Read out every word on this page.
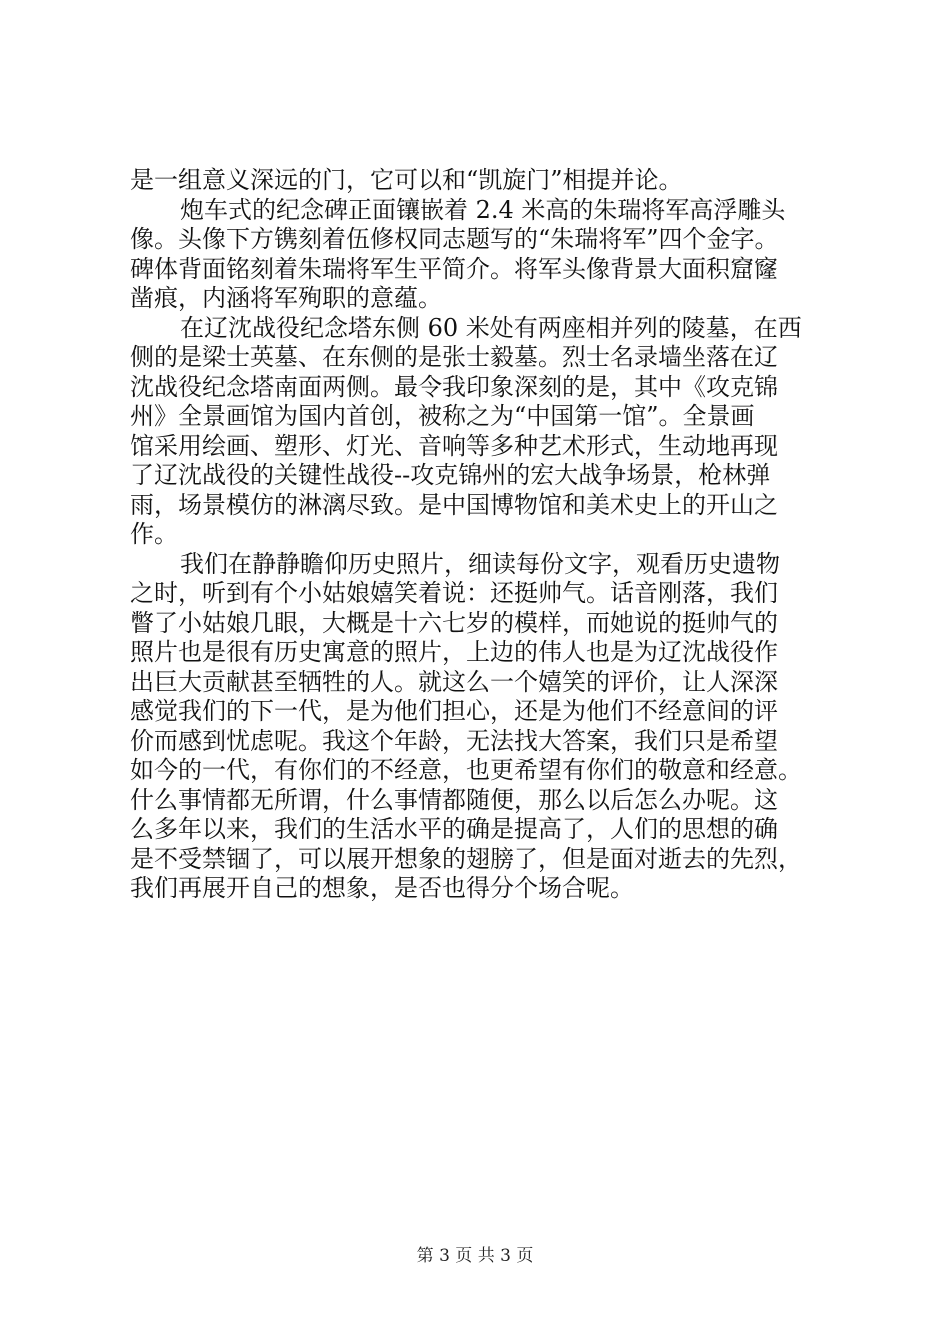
是一组意义深远的门，它可以和“凯旋门”相提并论。
炮车式的纪念碑正面镶嵌着 2.4 米高的朱瑞将军高浮雕头
像。头像下方镌刻着伍修权同志题写的“朱瑞将军”四个金字。
碑体背面铭刻着朱瑞将军生平简介。将军头像背景大面积窟窿
凿痕，内涵将军殉职的意蕴。
在辽沈战役纪念塔东侧 60 米处有两座相并列的陵墓，在西
侧的是梁士英墓、在东侧的是张士毅墓。烈士名录墙坐落在辽
沈战役纪念塔南面两侧。最令我印象深刻的是，其中《攻克锦
州》全景画馆为国内首创，被称之为“中国第一馆”。全景画
馆采用绘画、塑形、灯光、音响等多种艺术形式，生动地再现
了辽沈战役的关键性战役--攻克锦州的宏大战争场景，枪林弹
雨，场景模仿的淋漓尽致。是中国博物馆和美术史上的开山之
作。
我们在静静瞻仰历史照片，细读每份文字，观看历史遗物
之时，听到有个小姑娘嬉笑着说：还挺帅气。话音刚落，我们
瞥了小姑娘几眼，大概是十六七岁的模样，而她说的挺帅气的
照片也是很有历史寓意的照片，上边的伟人也是为辽沈战役作
出巨大贡献甚至牺牲的人。就这么一个嬉笑的评价，让人深深
感觉我们的下一代，是为他们担心，还是为他们不经意间的评
价而感到忧虑呢。我这个年龄，无法找大答案，我们只是希望
如今的一代，有你们的不经意，也更希望有你们的敬意和经意。
什么事情都无所谓，什么事情都随便，那么以后怎么办呢。这
么多年以来，我们的生活水平的确是提高了，人们的思想的确
是不受禁锢了，可以展开想象的翅膀了，但是面对逝去的先烈，
我们再展开自己的想象，是否也得分个场合呢。
第 3 页 共 3 页
